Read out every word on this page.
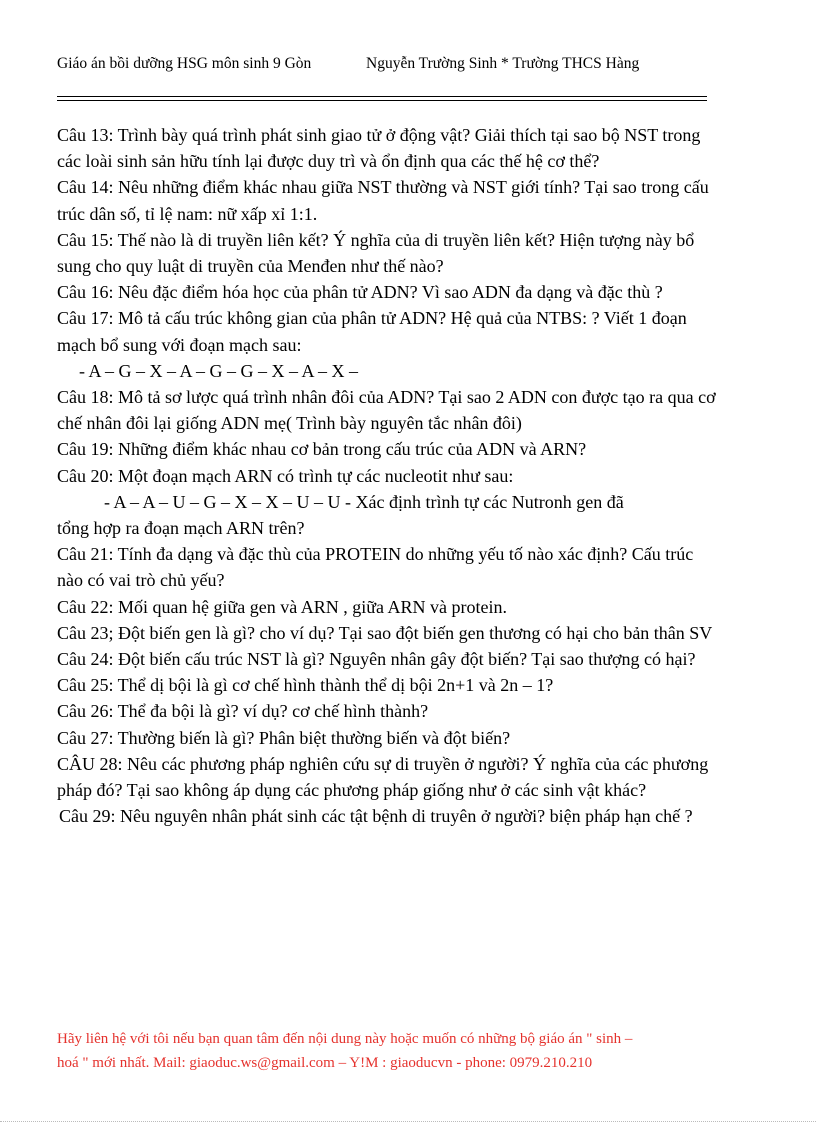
Giáo án bồi dưỡng HSG môn sinh 9 Gòn	Nguyễn Trường Sinh * Trường THCS Hàng

Câu 13: Trình bày quá trình phát sinh giao tử ở động vật? Giải thích tại sao bộ NST trong các loài sinh sản hữu tính lại được duy trì và ổn định qua các thế hệ cơ thể?

Câu 14: Nêu những điểm khác nhau giữa NST thường và NST giới tính? Tại sao trong cấu trúc dân số, tỉ lệ nam: nữ xấp xỉ 1:1.

Câu 15: Thế nào là di truyền liên kết? Ý nghĩa của di truyền liên kết? Hiện tượng này bổ sung cho quy luật di truyền của Menđen như thế nào?

Câu 16: Nêu đặc điểm hóa học của phân tử ADN? Vì sao ADN đa dạng và đặc thù ?

Câu 17: Mô tả cấu trúc không gian của phân tử ADN? Hệ quả của NTBS: ? Viết 1 đoạn mạch bổ sung với đoạn mạch sau:

- A – G – X – A – G – G – X – A – X –

Câu 18: Mô tả sơ lược quá trình nhân đôi của ADN? Tại sao 2 ADN con được tạo ra qua cơ chế nhân đôi lại giống ADN mẹ( Trình bày nguyên tắc nhân đôi)

Câu 19: Những điểm khác nhau cơ bản trong cấu trúc của ADN và ARN?

Câu 20: Một đoạn mạch ARN có trình tự các nucleotit như sau:

- A – A – U – G – X – X – U – U - Xác định trình tự các Nutronh gen đã

tổng hợp ra đoạn mạch ARN trên?

Câu 21: Tính đa dạng và đặc thù của PROTEIN do những yếu tố nào xác định? Cấu trúc nào có vai trò chủ yếu?

Câu 22: Mối quan hệ giữa gen và ARN , giữa ARN và protein.

Câu 23; Đột biến gen là gì? cho ví dụ? Tại sao đột biến gen thương có hại cho bản thân SV

Câu 24: Đột biến cấu trúc NST là gì? Nguyên nhân gây đột biến? Tại sao thượng có hại?

Câu 25: Thể dị bội là gì cơ chế hình thành thể dị bội 2n+1 và 2n – 1?

Câu 26: Thể đa bội là gì? ví dụ? cơ chế hình thành?

Câu 27: Thường biến là gì? Phân biệt thường biến và đột biến?

CÂU 28: Nêu các phương pháp nghiên cứu sự di truyền ở người? Ý nghĩa của các phương pháp đó? Tại sao không áp dụng các phương pháp giống như ở các sinh vật khác?

Câu 29: Nêu nguyên nhân phát sinh các tật bệnh di truyên ở người? biện pháp hạn chế ?

Hãy liên hệ với tôi nếu bạn quan tâm đến nội dung này hoặc muốn có những bộ giáo án " sinh –
hoá " mới nhất. Mail: giaoduc.ws@gmail.com – Y!M : giaoducvn - phone: 0979.210.210
